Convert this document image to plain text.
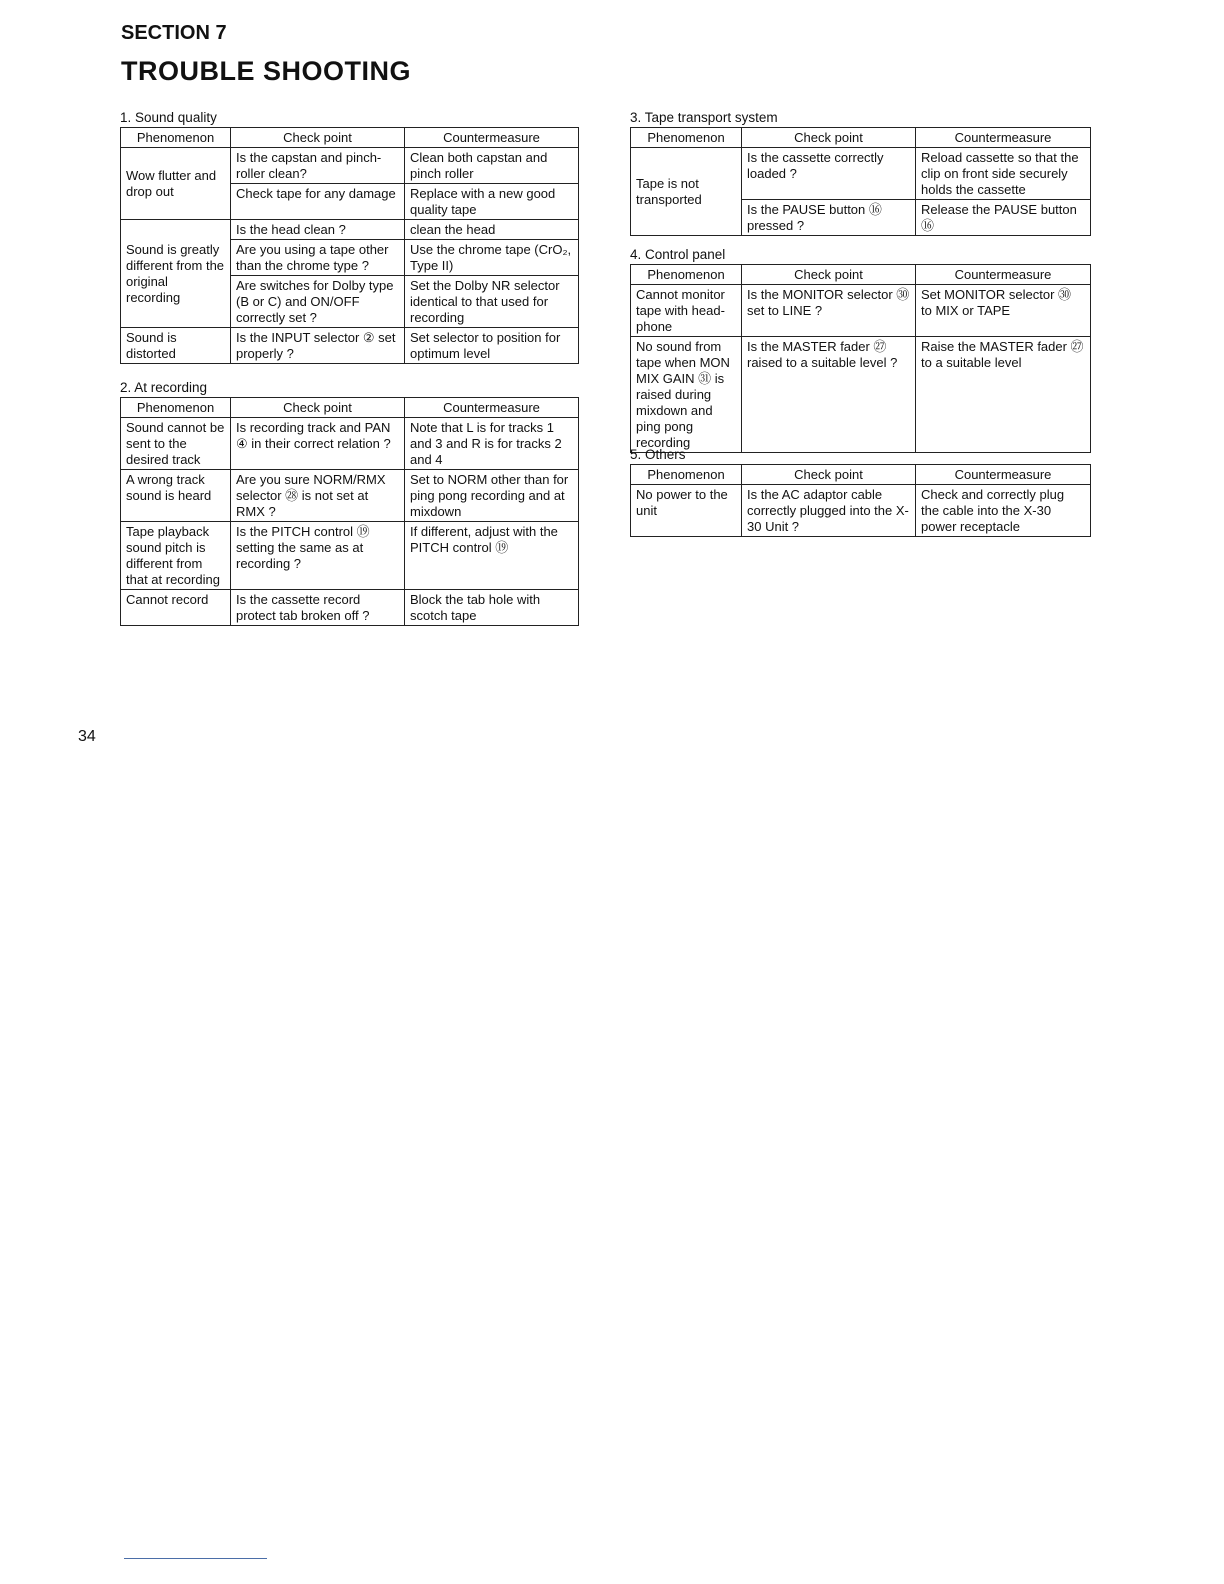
SECTION 7
TROUBLE SHOOTING
1. Sound quality
Phenomenon	Check point	Countermeasure
Wow flutter and drop out	Is the capstan and pinch-roller clean?	Clean both capstan and pinch roller
	Check tape for any damage	Replace with a new good quality tape
Sound is greatly different from the original recording	Is the head clean ?	clean the head
	Are you using a tape other than the chrome type ?	Use the chrome tape (CrO₂, Type II)
	Are switches for Dolby type (B or C) and ON/OFF correctly set ?	Set the Dolby NR selector identical to that used for recording
Sound is distorted	Is the INPUT selector ② set properly ?	Set selector to position for optimum level
2. At recording
Phenomenon	Check point	Countermeasure
Sound cannot be sent to the desired track	Is recording track and PAN ④ in their correct relation ?	Note that L is for tracks 1 and 3 and R is for tracks 2 and 4
A wrong track sound is heard	Are you sure NORM/RMX selector ㉘ is not set at RMX ?	Set to NORM other than for ping pong recording and at mixdown
Tape playback sound pitch is different from that at recording	Is the PITCH control ⑲ setting the same as at recording ?	If different, adjust with the PITCH control ⑲
Cannot record	Is the cassette record protect tab broken off ?	Block the tab hole with scotch tape
3. Tape transport system
Phenomenon	Check point	Countermeasure
Tape is not transported	Is the cassette correctly loaded ?	Reload cassette so that the clip on front side securely holds the cassette
	Is the PAUSE button ⑯ pressed ?	Release the PAUSE button ⑯
4. Control panel
Phenomenon	Check point	Countermeasure
Cannot monitor tape with head-phone	Is the MONITOR selector ㉚ set to LINE ?	Set MONITOR selector ㉚ to MIX or TAPE
No sound from tape when MON MIX GAIN ㉛ is raised during mixdown and ping pong recording	Is the MASTER fader ㉗ raised to a suitable level ?	Raise the MASTER fader ㉗ to a suitable level
5. Others
Phenomenon	Check point	Countermeasure
No power to the unit	Is the AC adaptor cable correctly plugged into the X-30 Unit ?	Check and correctly plug the cable into the X-30 power receptacle
34
